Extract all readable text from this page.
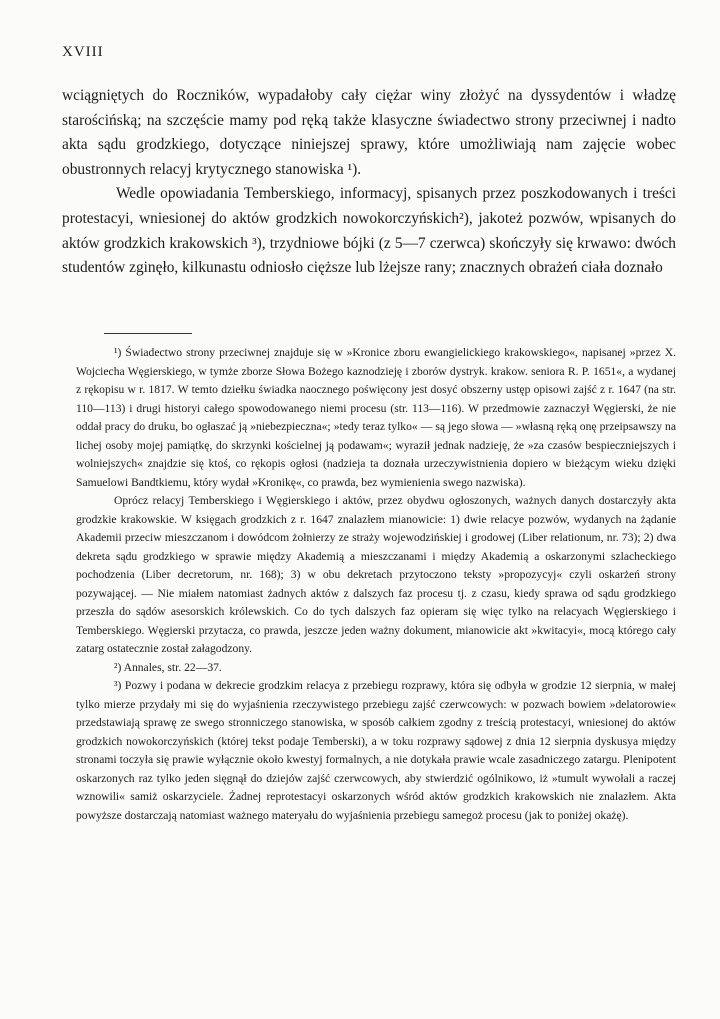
XVIII

wciągniętych do Roczników, wypadałoby cały ciężar winy złożyć na dyssydentów i władzę starościńską; na szczęście mamy pod ręką także klasyczne świadectwo strony przeciwnej i nadto akta sądu grodzkiego, dotyczące niniejszej sprawy, które umożliwiają nam zajęcie wobec obustronnych relacyj krytycznego stanowiska ¹).

Wedle opowiadania Temberskiego, informacyj, spisanych przez poszkodowanych i treści protestacyi, wniesionej do aktów grodzkich nowokorczyńskich²), jakoteż pozwów, wpisanych do aktów grodzkich krakowskich ³), trzydniowe bójki (z 5—7 czerwca) skończyły się krwawo: dwóch studentów zginęło, kilkunastu odniosło cięższe lub lżejsze rany; znacznych obrażeń ciała doznało

¹) Świadectwo strony przeciwnej znajduje się w »Kronice zboru ewangielickiego krakowskiego«, napisanej »przez X. Wojciecha Węgierskiego, w tymże zborze Słowa Bożego kaznodzieję i zborów dystryk. krakow. seniora R. P. 1651«, a wydanej z rękopisu w r. 1817. W temto dziełku świadka naocznego poświęcony jest dosyć obszerny ustęp opisowi zajść z r. 1647 (na str. 110—113) i drugi historyi całego spowodowanego niemi procesu (str. 113—116). W przedmowie zaznaczył Węgierski, że nie oddał pracy do druku, bo ogłaszać ją »niebezpieczna«; »tedy teraz tylko« — są jego słowa — »własną ręką onę przeipsawszy na lichej osoby mojej pamiątkę, do skrzynki kościelnej ją podawam«; wyraził jednak nadzieję, że »za czasów bespieczniejszych i wolniejszych« znajdzie się ktoś, co rękopis ogłosi (nadzieja ta doznała urzeczywistnienia dopiero w bieżącym wieku dzięki Samuelowi Bandtkiemu, który wydał »Kronikę«, co prawda, bez wymienienia swego nazwiska).

Oprócz relacyj Temberskiego i Węgierskiego i aktów, przez obydwu ogłoszonych, ważnych danych dostarczyły akta grodzkie krakowskie. W księgach grodzkich z r. 1647 znalazłem mianowicie: 1) dwie relacye pozwów, wydanych na żądanie Akademii przeciw mieszczanom i dowódcom żołnierzy ze straży wojewodzińskiej i grodowej (Liber relationum, nr. 73); 2) dwa dekreta sądu grodzkiego w sprawie między Akademią a mieszczanami i między Akademią a oskarzonymi szlacheckiego pochodzenia (Liber decretorum, nr. 168); 3) w obu dekretach przytoczono teksty »propozycyj« czyli oskarżeń strony pozywającej. — Nie miałem natomiast żadnych aktów z dalszych faz procesu tj. z czasu, kiedy sprawa od sądu grodzkiego przeszła do sądów asesorskich królewskich. Co do tych dalszych faz opieram się więc tylko na relacyach Węgierskiego i Temberskiego. Węgierski przytacza, co prawda, jeszcze jeden ważny dokument, mianowicie akt »kwitacyi«, mocą którego cały zatarg ostatecznie został załagodzony.

²) Annales, str. 22—37.

³) Pozwy i podana w dekrecie grodzkim relacya z przebiegu rozprawy, która się odbyła w grodzie 12 sierpnia, w małej tylko mierze przydały mi się do wyjaśnienia rzeczywistego przebiegu zajść czerwcowych: w pozwach bowiem »delatorowie« przedstawiają sprawę ze swego stronniczego stanowiska, w sposób całkiem zgodny z treścią protestacyi, wniesionej do aktów grodzkich nowokorczyńskich (której tekst podaje Temberski), a w toku rozprawy sądowej z dnia 12 sierpnia dyskusya między stronami toczyła się prawie wyłącznie około kwestyj formalnych, a nie dotykała prawie wcale zasadniczego zatargu. Plenipotent oskarzonych raz tylko jeden sięgnął do dziejów zajść czerwcowych, aby stwierdzić ogólnikowo, iż »tumult wywołali a raczej wznowili« samiż oskarzyciele. Żadnej reprotestacyi oskarzonych wśród aktów grodzkich krakowskich nie znalazłem. Akta powyższe dostarczają natomiast ważnego materyału do wyjaśnienia przebiegu samegoż procesu (jak to poniżej okażę).
